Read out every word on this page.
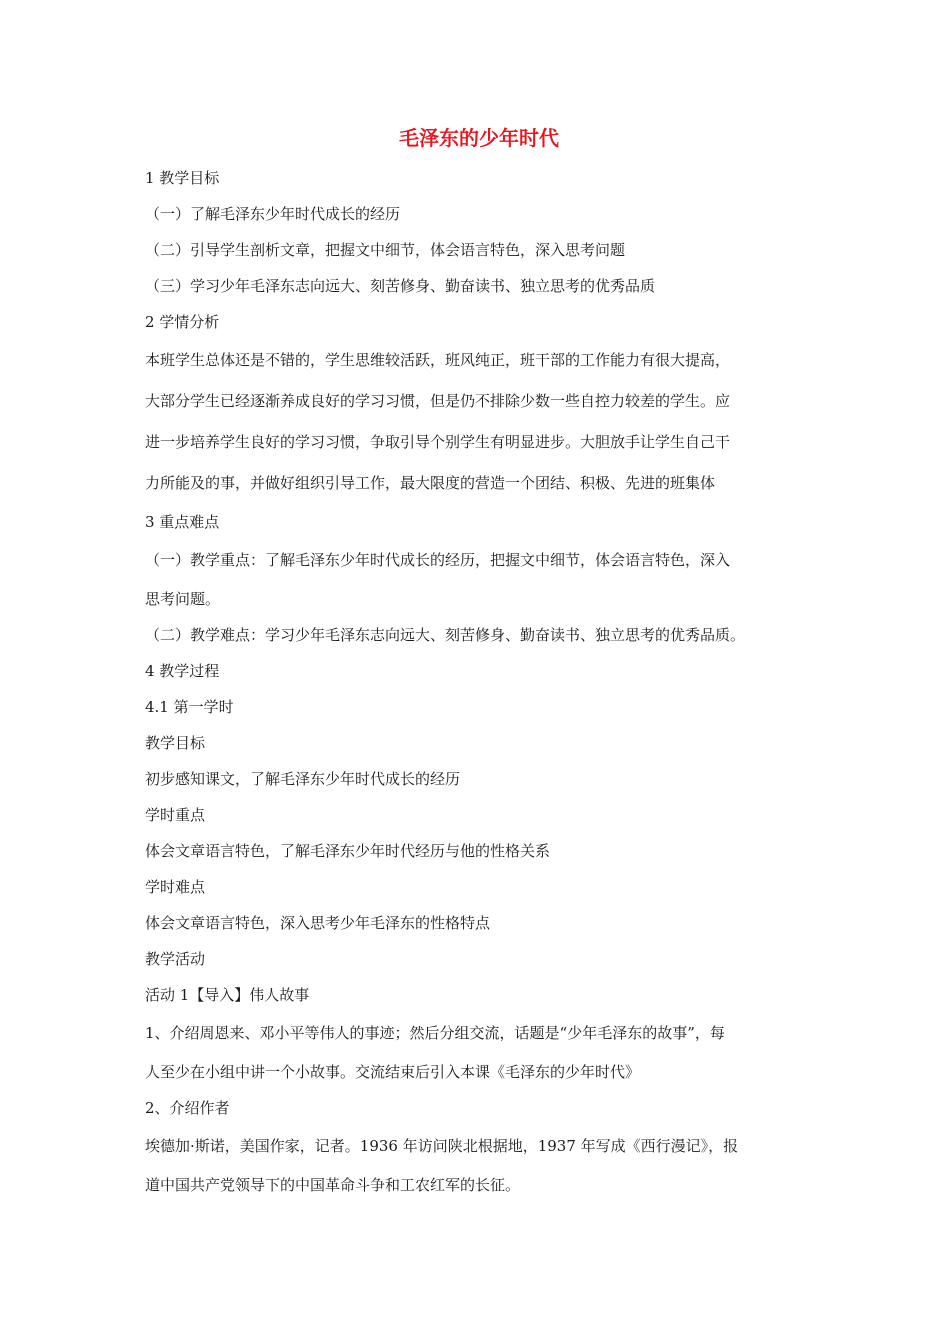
毛泽东的少年时代

1 教学目标

（一）了解毛泽东少年时代成长的经历

（二）引导学生剖析文章，把握文中细节，体会语言特色，深入思考问题

（三）学习少年毛泽东志向远大、刻苦修身、勤奋读书、独立思考的优秀品质

2 学情分析

本班学生总体还是不错的，学生思维较活跃，班风纯正，班干部的工作能力有很大提高，

大部分学生已经逐渐养成良好的学习习惯，但是仍不排除少数一些自控力较差的学生。应

进一步培养学生良好的学习习惯，争取引导个别学生有明显进步。大胆放手让学生自己干

力所能及的事，并做好组织引导工作，最大限度的营造一个团结、积极、先进的班集体

3 重点难点

（一）教学重点：了解毛泽东少年时代成长的经历，把握文中细节，体会语言特色，深入

思考问题。

（二）教学难点：学习少年毛泽东志向远大、刻苦修身、勤奋读书、独立思考的优秀品质。

4 教学过程

4.1 第一学时

教学目标

初步感知课文，了解毛泽东少年时代成长的经历

学时重点

体会文章语言特色，了解毛泽东少年时代经历与他的性格关系

学时难点

体会文章语言特色，深入思考少年毛泽东的性格特点

教学活动

活动 1【导入】伟人故事

1、介绍周恩来、邓小平等伟人的事迹；然后分组交流，话题是“少年毛泽东的故事”，每

人至少在小组中讲一个小故事。交流结束后引入本课《毛泽东的少年时代》

2、介绍作者

埃德加·斯诺，美国作家，记者。1936 年访问陕北根据地，1937 年写成《西行漫记》，报

道中国共产党领导下的中国革命斗争和工农红军的长征。
